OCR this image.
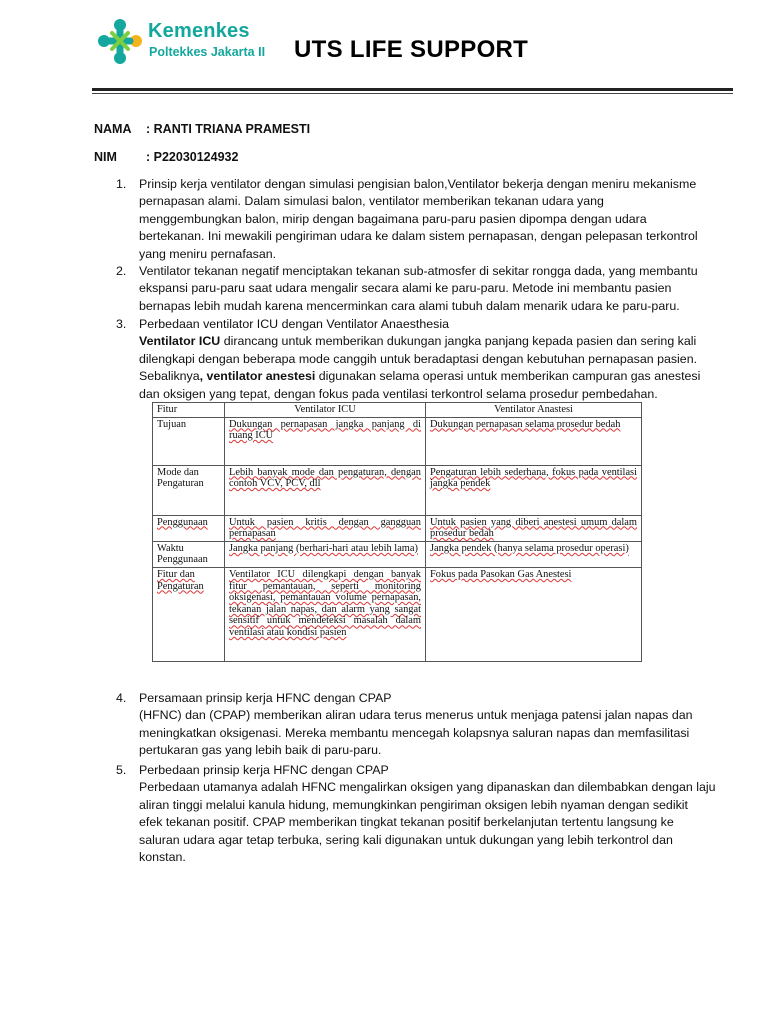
Kemenkes
Poltekkes Jakarta II UTS LIFE SUPPORT
NAMA : RANTI TRIANA PRAMESTI
NIM : P22030124932
1. Prinsip kerja ventilator dengan simulasi pengisian balon,Ventilator bekerja dengan meniru mekanisme
pernapasan alami. Dalam simulasi balon, ventilator memberikan tekanan udara yang
menggembungkan balon, mirip dengan bagaimana paru-paru pasien dipompa dengan udara
bertekanan. Ini mewakili pengiriman udara ke dalam sistem pernapasan, dengan pelepasan terkontrol
yang meniru pernafasan.
2. Ventilator tekanan negatif menciptakan tekanan sub-atmosfer di sekitar rongga dada, yang membantu
ekspansi paru-paru saat udara mengalir secara alami ke paru-paru. Metode ini membantu pasien
bernapas lebih mudah karena mencerminkan cara alami tubuh dalam menarik udara ke paru-paru.
3. Perbedaan ventilator ICU dengan Ventilator Anaesthesia
Ventilator ICU dirancang untuk memberikan dukungan jangka panjang kepada pasien dan sering kali
dilengkapi dengan beberapa mode canggih untuk beradaptasi dengan kebutuhan pernapasan pasien.
Sebaliknya, ventilator anestesi digunakan selama operasi untuk memberikan campuran gas anestesi
dan oksigen yang tepat, dengan fokus pada ventilasi terkontrol selama prosedur pembedahan.
Fitur	Ventilator ICU	Ventilator Anastesi
Tujuan	Dukungan pernapasan jangka panjang di ruang ICU	Dukungan pernapasan selama prosedur bedah
Mode dan Pengaturan	Lebih banyak mode dan pengaturan, dengan contoh VCV, PCV, dll	Pengaturan lebih sederhana, fokus pada ventilasi jangka pendek
Penggunaan	Untuk pasien kritis dengan gangguan pernapasan	Untuk pasien yang diberi anestesi umum dalam prosedur bedah
Waktu Penggunaan	Jangka panjang (berhari-hari atau lebih lama)	Jangka pendek (hanya selama prosedur operasi)
Fitur dan Pengaturan	Ventilator ICU dilengkapi dengan banyak fitur pemantauan, seperti monitoring oksigenasi, pemantauan volume pernapasan, tekanan jalan napas, dan alarm yang sangat sensitif untuk mendeteksi masalah dalam ventilasi atau kondisi pasien	Fokus pada Pasokan Gas Anestesi
4. Persamaan prinsip kerja HFNC dengan CPAP
(HFNC) dan (CPAP) memberikan aliran udara terus menerus untuk menjaga patensi jalan napas dan
meningkatkan oksigenasi. Mereka membantu mencegah kolapsnya saluran napas dan memfasilitasi
pertukaran gas yang lebih baik di paru-paru.
5. Perbedaan prinsip kerja HFNC dengan CPAP
Perbedaan utamanya adalah HFNC mengalirkan oksigen yang dipanaskan dan dilembabkan dengan laju
aliran tinggi melalui kanula hidung, memungkinkan pengiriman oksigen lebih nyaman dengan sedikit
efek tekanan positif. CPAP memberikan tingkat tekanan positif berkelanjutan tertentu langsung ke
saluran udara agar tetap terbuka, sering kali digunakan untuk dukungan yang lebih terkontrol dan
konstan.
